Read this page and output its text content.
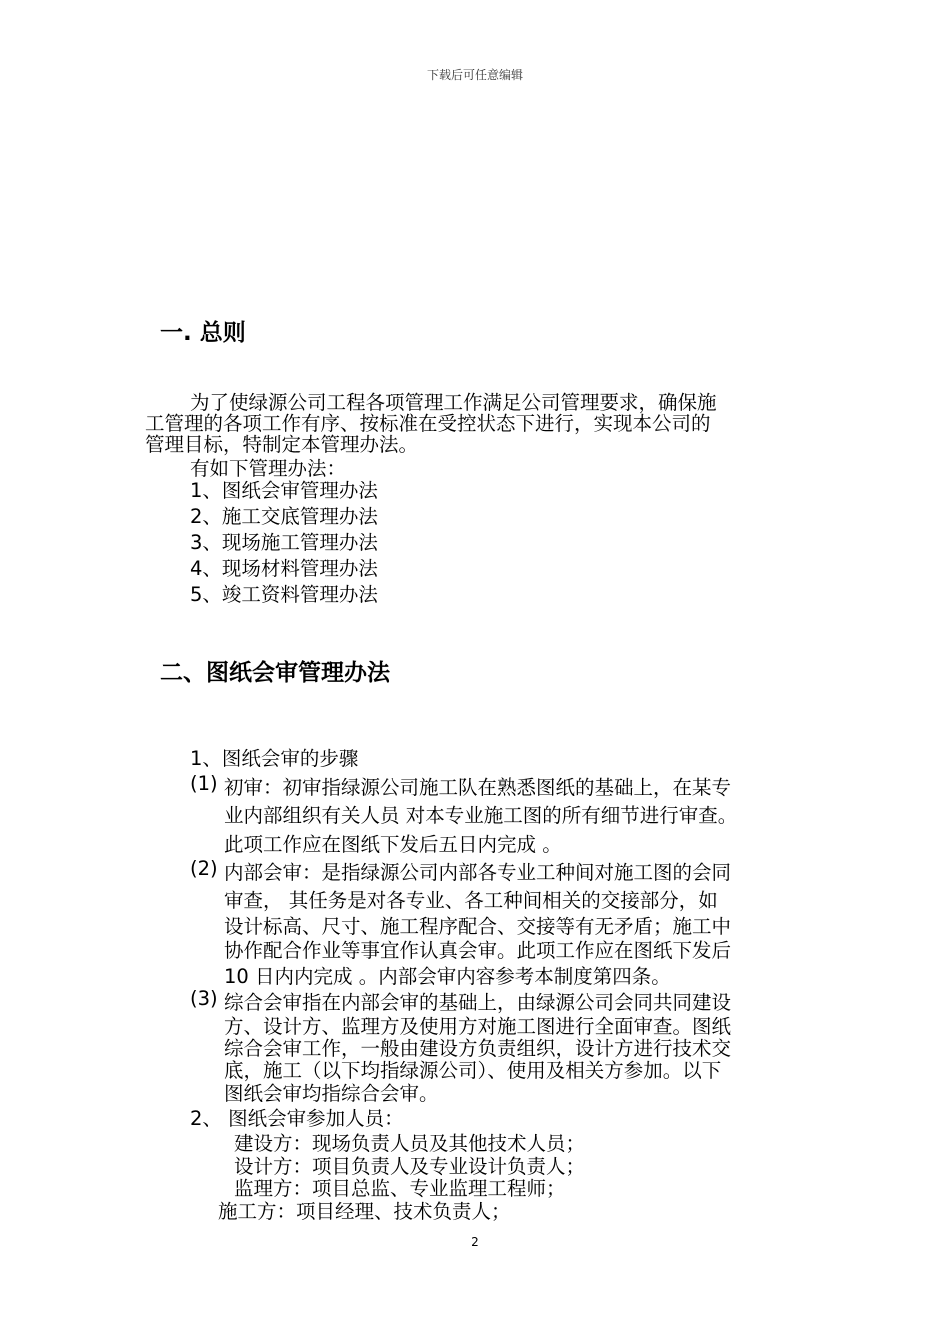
下载后可任意编辑
一. 总则
为了使绿源公司工程各项管理工作满足公司管理要求，确保施
工管理的各项工作有序、按标准在受控状态下进行，实现本公司的
管理目标，特制定本管理办法。
有如下管理办法：
1、图纸会审管理办法
2、施工交底管理办法
3、现场施工管理办法
4、现场材料管理办法
5、竣工资料管理办法
二、图纸会审管理办法
1、图纸会审的步骤
(1) 初审：初审指绿源公司施工队在熟悉图纸的基础上，在某专
业内部组织有关人员 对本专业施工图的所有细节进行审查。
此项工作应在图纸下发后五日内完成 。
(2) 内部会审：是指绿源公司内部各专业工种间对施工图的会同
审查， 其任务是对各专业、各工种间相关的交接部分，如
设计标高、尺寸、施工程序配合、交接等有无矛盾；施工中
协作配合作业等事宜作认真会审。此项工作应在图纸下发后
10 日内内完成 。内部会审内容参考本制度第四条。
(3) 综合会审指在内部会审的基础上，由绿源公司会同共同建设
方、设计方、监理方及使用方对施工图进行全面审查。图纸
综合会审工作，一般由建设方负责组织，设计方进行技术交
底，施工（以下均指绿源公司）、使用及相关方参加。以下
图纸会审均指综合会审。
2、 图纸会审参加人员：
建设方：现场负责人员及其他技术人员；
设计方：项目负责人及专业设计负责人；
监理方：项目总监、专业监理工程师；
施工方：项目经理、技术负责人；
2
